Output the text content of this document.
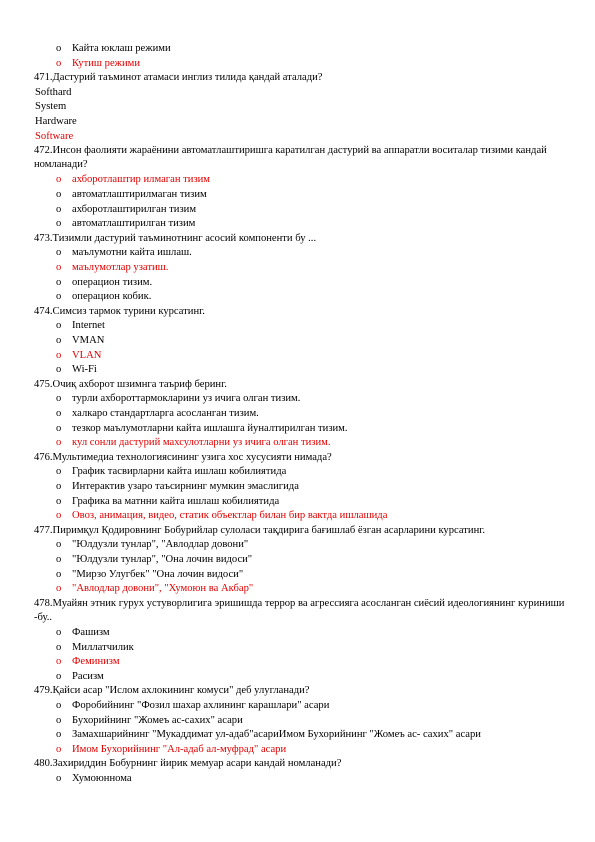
o Кайта юклаш режими
o Кутиш режими
471.Дастурий таъминот атамаси инглиз тилида қандай аталади?
Softhard
System
Hardware
Software
472.Инсон фаолияти жараёнини автоматлаштиришга каратилган дастурий ва аппаратли воситалар тизими кандай номланади?
o ахборотлаштир илмаган тизим
o автоматлаштирилмаган тизим
o ахборотлаштирилган тизим
o автоматлаштирилган тизим
473.Тизимли дастурий таъминотнинг асосий компоненти бу ...
o маълумотни кайта ишлаш.
o маълумотлар узатиш.
o операцион тизим.
o операцион кобик.
474.Симсиз тармок турини курсатинг.
o Internet
o VMAN
o VLAN
o Wi-Fi
475.Очиқ ахборот шзимнга таъриф беринг.
o турли ахбороттармокларини уз ичига олган тизим.
o халкаро стандартларга асосланган тизим.
o тезкор маълумотларни кайта ишлашга йуналтирилган тизим.
o кул сонли дастурий махсулотларни уз ичига олган тизим.
476.Мультимедиа технологиясининг узига хос хусусияти нимада?
o График тасвирларни кайта ишлаш кобилиятида
o Интерактив узаро таъсирнинг мумкин эмаслигида
o Графика ва матнни кайта ишлаш кобилиятида
o Овоз, анимация, видео, статик объектлар билан бир вактда ишлашида
477.Пиримқул Қодировнинг Бобурийлар сулоласи тақдирига бағишлаб ёзган асарларини курсатинг.
o "Юлдузли тунлар", "Авлодлар довони"
o "Юлдузли тунлар", "Она лочин видоси"
o "Мирзо Улугбек" "Она лочин видоси"
o "Авлодлар довони", "Хумоюн ва Акбар"
478.Муайян этник гурух устуворлигига эришишда террор ва агрессияга асосланган сиёсий идеологиянинг куриниши -бу..
o Фашизм
o Миллатчилик
o Феминизм
o Расизм
479.Қайси асар "Ислом ахлокининг комуси" деб улугланади?
o Форобийнинг "Фозил шахар ахлининг карашлари" асари
o Бухорийнинг "Жомеъ ас-сахих" асари
o Замахшарийнинг "Мукаддимат ул-адаб"асариИмом Бухорийнинг "Жомеъ ас- сахих" асари
o Имом Бухорийнинг "Ал-адаб ал-муфрад" асари
480.Захириддин Бобурнинг йирик мемуар асари кандай номланади?
o Хумоюннома
